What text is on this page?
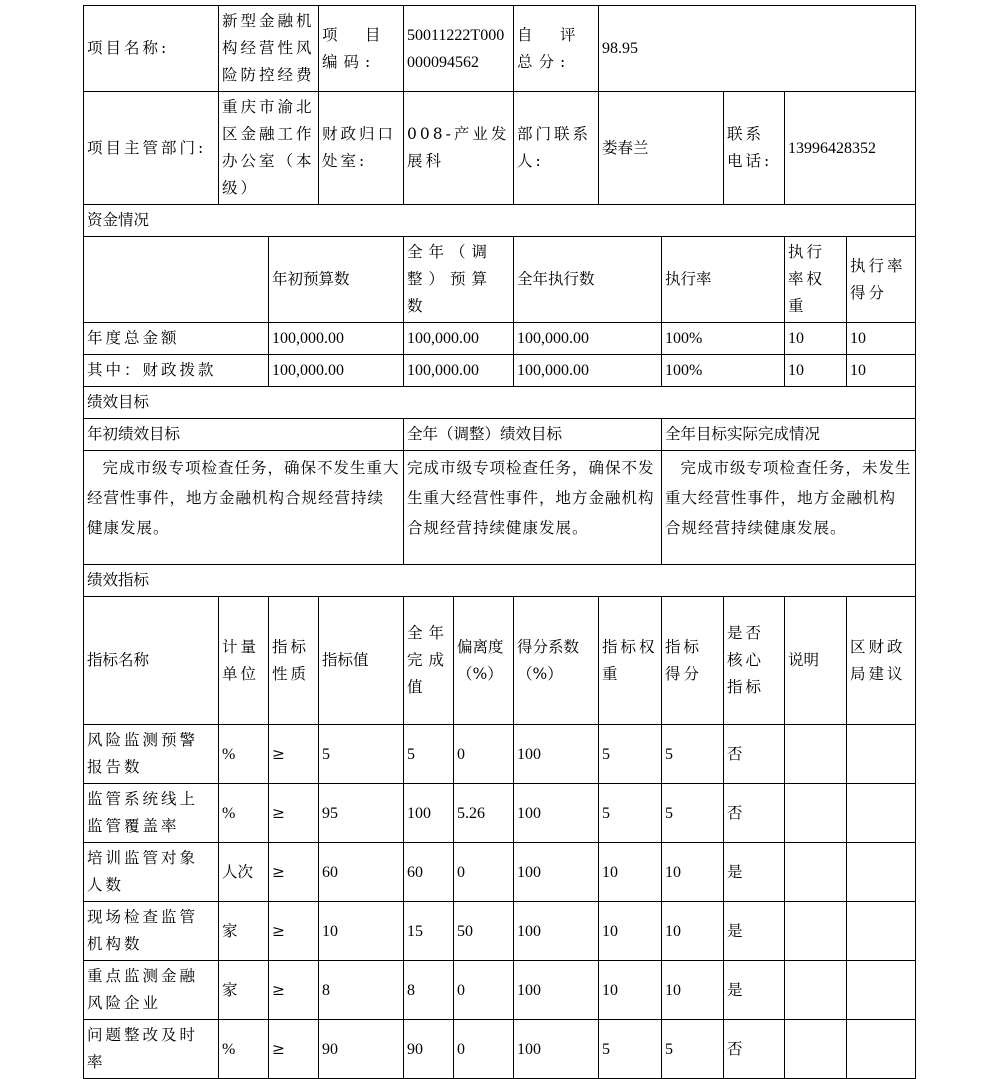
项目名称:	新型金融机构经营性风险防控经费		项　目　编码:	50011222T000000094562		自　评　总分:	98.95				
项目主管部门:	重庆市渝北区金融工作办公室（本级）		财政归口处室:	008-产业发展科		部门联系人:	娄春兰		联系电话:	13996428352	
资金情况											
		年初预算数		全年（调整）预算数		全年执行数		执行率		执行率权重	执行率得分
年度总金额		100,000.00		100,000.00		100,000.00		100%		10	10
其中：财政拨款		100,000.00		100,000.00		100,000.00		100%		10	10
绩效目标											
年初绩效目标				全年（调整）绩效目标				全年目标实际完成情况			
完成市级专项检查任务，确保不发生重大经营性事件，地方金融机构合规经营持续健康发展。				完成市级专项检查任务，确保不发生重大经营性事件，地方金融机构合规经营持续健康发展。				完成市级专项检查任务，未发生重大经营性事件，地方金融机构合规经营持续健康发展。			
绩效指标											
指标名称	计量单位	指标性质	指标值	全年完成值	偏离度（%）	得分系数（%）	指标权重	指标得分	是否核心指标	说明	区财政局建议
风险监测预警报告数	%	≥	5	5	0	100	5	5	否		
监管系统线上监管覆盖率	%	≥	95	100	5.26	100	5	5	否		
培训监管对象人数	人次	≥	60	60	0	100	10	10	是		
现场检查监管机构数	家	≥	10	15	50	100	10	10	是		
重点监测金融风险企业	家	≥	8	8	0	100	10	10	是		
问题整改及时率	%	≥	90	90	0	100	5	5	否		
